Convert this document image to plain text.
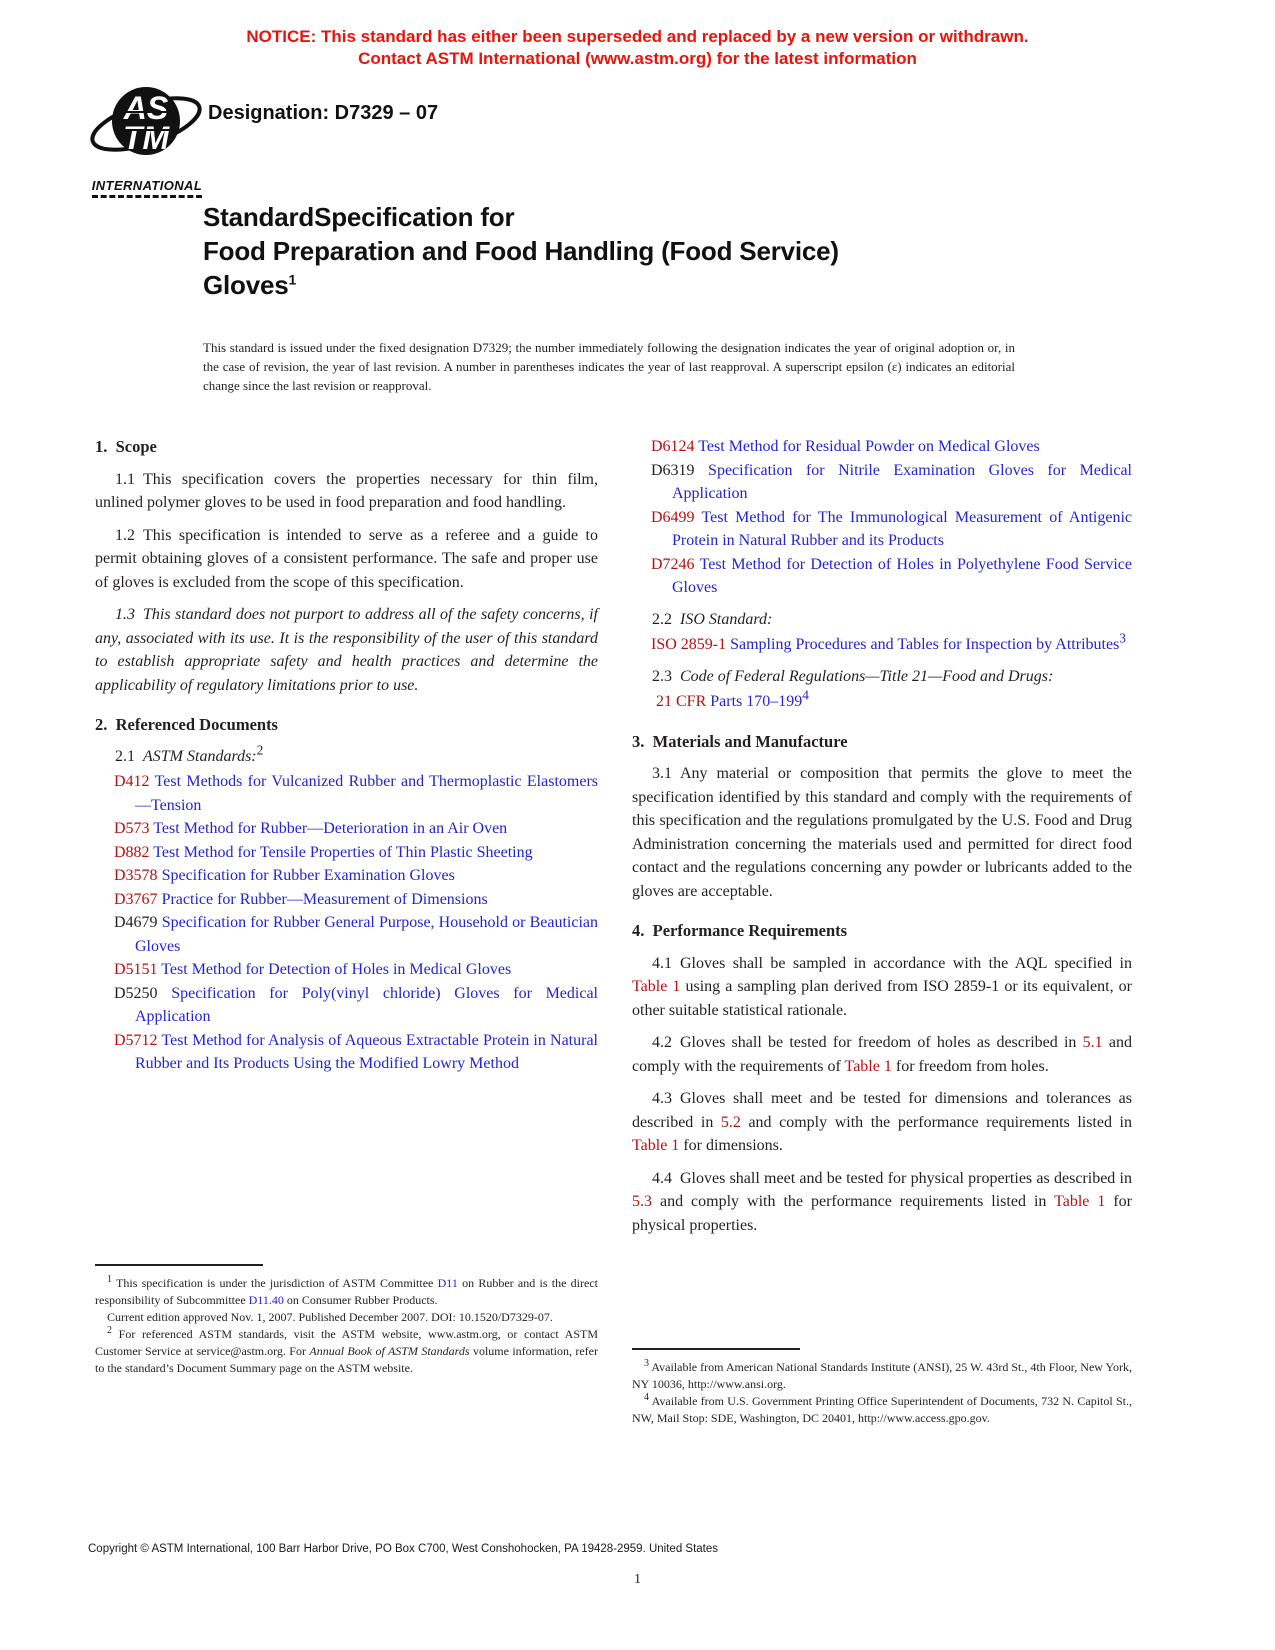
NOTICE: This standard has either been superseded and replaced by a new version or withdrawn.
Contact ASTM International (www.astm.org) for the latest information
AS
TM
INTERNATIONAL
Designation: D7329 – 07
StandardSpecification for
Food Preparation and Food Handling (Food Service)
Gloves$^1$

This standard is issued under the fixed designation D7329; the number immediately following the designation indicates the year of original adoption or, in the case of revision, the year of last revision. A number in parentheses indicates the year of last reapproval. A superscript epsilon (ε) indicates an editorial change since the last revision or reapproval.

1. Scope

1.1 This specification covers the properties necessary for thin film, unlined polymer gloves to be used in food preparation and food handling.

1.2 This specification is intended to serve as a referee and a guide to permit obtaining gloves of a consistent performance. The safe and proper use of gloves is excluded from the scope of this specification.

1.3 This standard does not purport to address all of the safety concerns, if any, associated with its use. It is the responsibility of the user of this standard to establish appropriate safety and health practices and determine the applicability of regulatory limitations prior to use.

2. Referenced Documents

2.1 ASTM Standards:$^2$

D412 Test Methods for Vulcanized Rubber and Thermoplastic Elastomers—Tension
D573 Test Method for Rubber—Deterioration in an Air Oven
D882 Test Method for Tensile Properties of Thin Plastic Sheeting
D3578 Specification for Rubber Examination Gloves
D3767 Practice for Rubber—Measurement of Dimensions
D4679 Specification for Rubber General Purpose, Household or Beautician Gloves
D5151 Test Method for Detection of Holes in Medical Gloves
D5250 Specification for Poly(vinyl chloride) Gloves for Medical Application
D5712 Test Method for Analysis of Aqueous Extractable Protein in Natural Rubber and Its Products Using the Modified Lowry Method
D6124 Test Method for Residual Powder on Medical Gloves
D6319 Specification for Nitrile Examination Gloves for Medical Application
D6499 Test Method for The Immunological Measurement of Antigenic Protein in Natural Rubber and its Products
D7246 Test Method for Detection of Holes in Polyethylene Food Service Gloves

2.2 ISO Standard:

ISO 2859-1 Sampling Procedures and Tables for Inspection by Attributes$^3$

2.3 Code of Federal Regulations—Title 21—Food and Drugs:

21 CFR Parts $170-199^4$

3. Materials and Manufacture

3.1 Any material or composition that permits the glove to meet the specification identified by this standard and comply with the requirements of this specification and the regulations promulgated by the U.S. Food and Drug Administration concerning the materials used and permitted for direct food contact and the regulations concerning any powder or lubricants added to the gloves are acceptable.

4. Performance Requirements

4.1 Gloves shall be sampled in accordance with the AQL specified in Table 1 using a sampling plan derived from ISO 2859-1 or its equivalent, or other suitable statistical rationale.

4.2 Gloves shall be tested for freedom of holes as described in 5.1 and comply with the requirements of Table 1 for freedom from holes.

4.3 Gloves shall meet and be tested for dimensions and tolerances as described in 5.2 and comply with the performance requirements listed in Table 1 for dimensions.

4.4 Gloves shall meet and be tested for physical properties as described in 5.3 and comply with the performance requirements listed in Table 1 for physical properties.

$^1$ This specification is under the jurisdiction of ASTM Committee D11 on Rubber and is the direct responsibility of Subcommittee D11.40 on Consumer Rubber Products.

Current edition approved Nov. 1, 2007. Published December 2007. DOI: 10.1520/D7329-07.

$^2$ For referenced ASTM standards, visit the ASTM website, www.astm.org, or contact ASTM Customer Service at service@astm.org. For Annual Book of ASTM Standards volume information, refer to the standard’s Document Summary page on the ASTM website.	$^3$ Available from American National Standards Institute (ANSI), 25 W. 43rd St., 4th Floor, New York, NY 10036, http://www.ansi.org.

$^4$ Available from U.S. Government Printing Office Superintendent of Documents, 732 N. Capitol St., NW, Mail Stop: SDE, Washington, DC 20401, http://www.access.gpo.gov.

Copyright © ASTM International, 100 Barr Harbor Drive, PO Box C700, West Conshohocken, PA 19428-2959. United States
1
